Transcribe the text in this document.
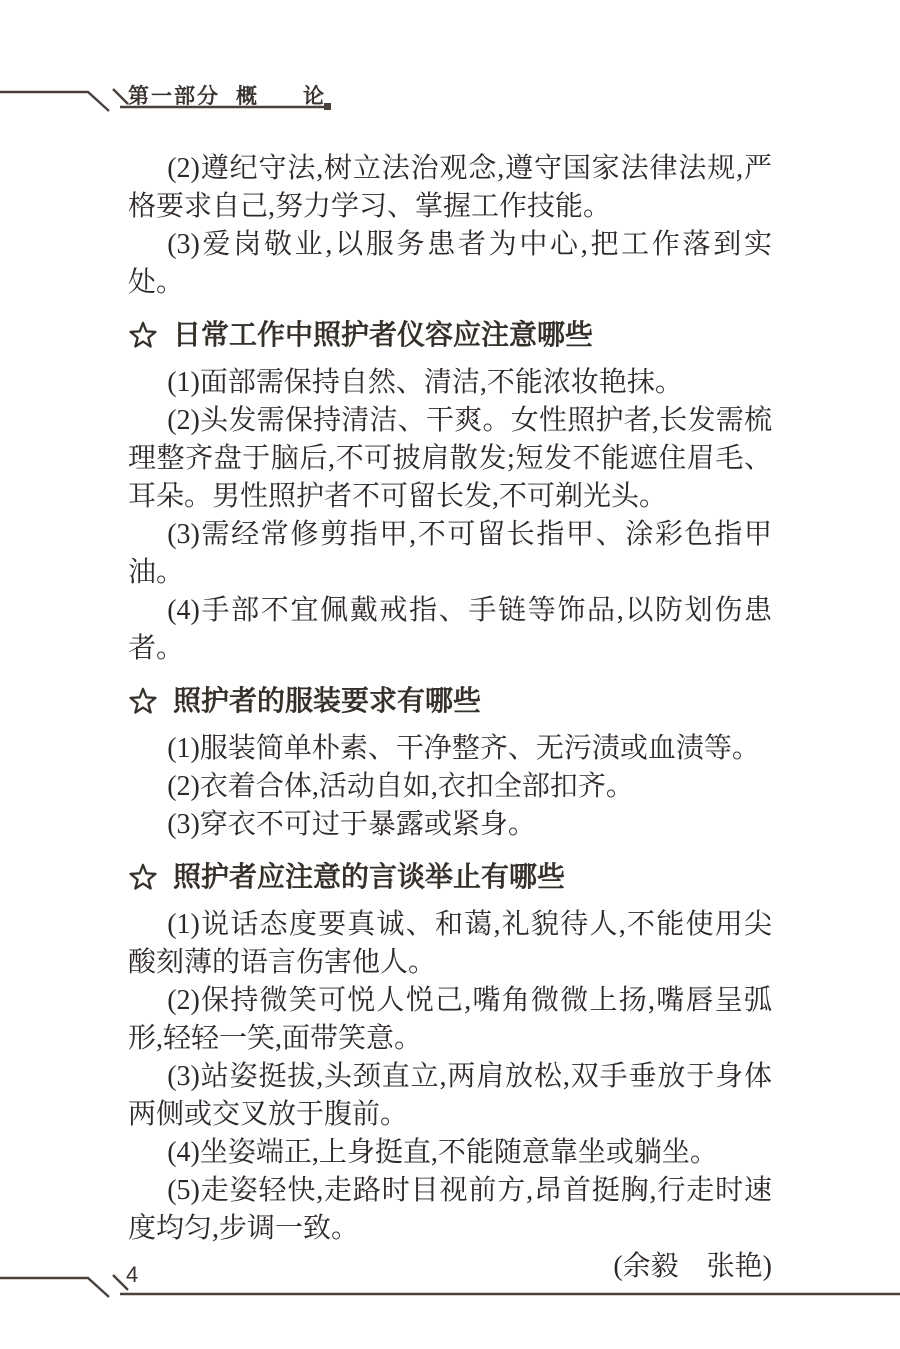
第一部分 概 论

(2)遵纪守法,树立法治观念,遵守国家法律法规,严格要求自己,努力学习、掌握工作技能。

(3)爱岗敬业,以服务患者为中心,把工作落到实处。

日常工作中照护者仪容应注意哪些

(1)面部需保持自然、清洁,不能浓妆艳抹。

(2)头发需保持清洁、干爽。女性照护者,长发需梳理整齐盘于脑后,不可披肩散发;短发不能遮住眉毛、耳朵。男性照护者不可留长发,不可剃光头。

(3)需经常修剪指甲,不可留长指甲、涂彩色指甲油。

(4)手部不宜佩戴戒指、手链等饰品,以防划伤患者。

照护者的服装要求有哪些

(1)服装简单朴素、干净整齐、无污渍或血渍等。

(2)衣着合体,活动自如,衣扣全部扣齐。

(3)穿衣不可过于暴露或紧身。

照护者应注意的言谈举止有哪些

(1)说话态度要真诚、和蔼,礼貌待人,不能使用尖酸刻薄的语言伤害他人。

(2)保持微笑可悦人悦己,嘴角微微上扬,嘴唇呈弧形,轻轻一笑,面带笑意。

(3)站姿挺拔,头颈直立,两肩放松,双手垂放于身体两侧或交叉放于腹前。

(4)坐姿端正,上身挺直,不能随意靠坐或躺坐。

(5)走姿轻快,走路时目视前方,昂首挺胸,行走时速度均匀,步调一致。

(余毅　张艳)

4
